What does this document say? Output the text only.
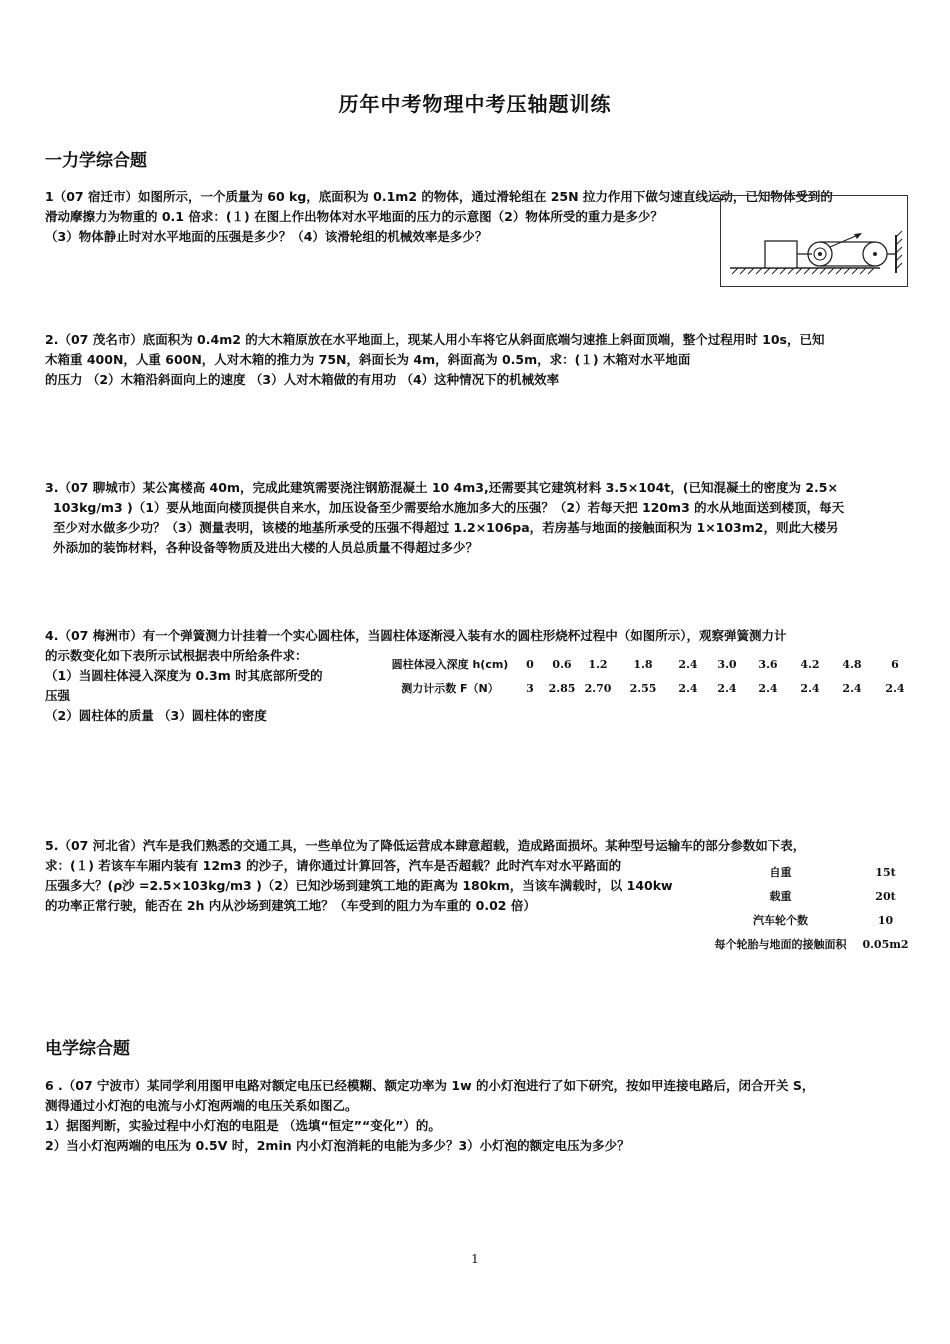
历年中考物理中考压轴题训练
一力学综合题
1（07 宿迁市）如图所示，一个质量为 60 kg，底面积为 0.1m2 的物体，通过滑轮组在 25N 拉力作用下做匀速直线运动，已知物体受到的
滑动摩擦力为物重的 0.1 倍求：(１) 在图上作出物体对水平地面的压力的示意图（2）物体所受的重力是多少？
（3）物体静止时对水平地面的压强是多少？（4）该滑轮组的机械效率是多少？
2.（07 茂名市）底面积为 0.4m2 的大木箱原放在水平地面上，现某人用小车将它从斜面底端匀速推上斜面顶端，整个过程用时 10s，已知
木箱重 400N，人重 600N，人对木箱的推力为 75N，斜面长为 4m，斜面高为 0.5m，求：(１) 木箱对水平地面
的压力 （2）木箱沿斜面向上的速度 （3）人对木箱做的有用功 （4）这种情况下的机械效率
3.（07 聊城市）某公寓楼高 40m，完成此建筑需要浇注钢筋混凝土 10 4m3,还需要其它建筑材料 3.5×104t，(已知混凝土的密度为 2.5×
103kg/m3 )（1）要从地面向楼顶提供自来水，加压设备至少需要给水施加多大的压强？（2）若每天把 120m3 的水从地面送到楼顶，每天
至少对水做多少功？（3）测量表明，该楼的地基所承受的压强不得超过 1.2×106pa，若房基与地面的接触面积为 1×103m2，则此大楼另
外添加的装饰材料，各种设备等物质及进出大楼的人员总质量不得超过多少？
4.（07 梅洲市）有一个弹簧测力计挂着一个实心圆柱体，当圆柱体逐渐浸入装有水的圆柱形烧杯过程中（如图所示），观察弹簧测力计
的示数变化如下表所示试根据表中所给条件求：
（1）当圆柱体浸入深度为 0.3m 时其底部所受的
压强
（2）圆柱体的质量 （3）圆柱体的密度
圆柱体浸入深度 h(cm)	0	0.6	1.2	1.8	2.4	3.0	3.6	4.2	4.8	6
测力计示数 F（N）	3	2.85	2.70	2.55	2.4	2.4	2.4	2.4	2.4	2.4
5.（07 河北省）汽车是我们熟悉的交通工具，一些单位为了降低运营成本肆意超载，造成路面损坏。某种型号运输车的部分参数如下表，
求：(１) 若该车车厢内装有 12m3 的沙子，请你通过计算回答，汽车是否超载？此时汽车对水平路面的
压强多大？(ρ沙 =2.5×103kg/m3 )（2）已知沙场到建筑工地的距离为 180km，当该车满载时，以 140kw
的功率正常行驶，能否在 2h 内从沙场到建筑工地？（车受到的阻力为车重的 0.02 倍）
自重	15t
载重	20t
汽车轮个数	10
每个轮胎与地面的接触面积	0.05m2
电学综合题
6 .（07 宁波市）某同学利用图甲电路对额定电压已经模糊、额定功率为 1w 的小灯泡进行了如下研究，按如甲连接电路后，闭合开关 S，
测得通过小灯泡的电流与小灯泡两端的电压关系如图乙。
1）据图判断，实验过程中小灯泡的电阻是 （选填“恒定”“变化”）的。
2）当小灯泡两端的电压为 0.5V 时，2min 内小灯泡消耗的电能为多少？3）小灯泡的额定电压为多少？
1
